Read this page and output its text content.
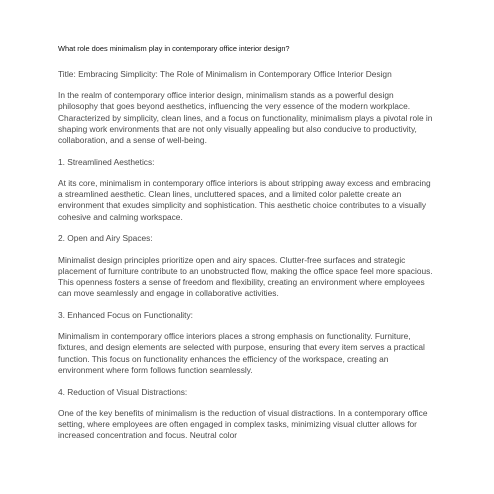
What role does minimalism play in contemporary office interior design?

Title: Embracing Simplicity: The Role of Minimalism in Contemporary Office Interior Design

In the realm of contemporary office interior design, minimalism stands as a powerful design philosophy that goes beyond aesthetics, influencing the very essence of the modern workplace. Characterized by simplicity, clean lines, and a focus on functionality, minimalism plays a pivotal role in shaping work environments that are not only visually appealing but also conducive to productivity, collaboration, and a sense of well-being.

1. Streamlined Aesthetics:

At its core, minimalism in contemporary office interiors is about stripping away excess and embracing a streamlined aesthetic. Clean lines, uncluttered spaces, and a limited color palette create an environment that exudes simplicity and sophistication. This aesthetic choice contributes to a visually cohesive and calming workspace.

2. Open and Airy Spaces:

Minimalist design principles prioritize open and airy spaces. Clutter-free surfaces and strategic placement of furniture contribute to an unobstructed flow, making the office space feel more spacious. This openness fosters a sense of freedom and flexibility, creating an environment where employees can move seamlessly and engage in collaborative activities.

3. Enhanced Focus on Functionality:

Minimalism in contemporary office interiors places a strong emphasis on functionality. Furniture, fixtures, and design elements are selected with purpose, ensuring that every item serves a practical function. This focus on functionality enhances the efficiency of the workspace, creating an environment where form follows function seamlessly.

4. Reduction of Visual Distractions:

One of the key benefits of minimalism is the reduction of visual distractions. In a contemporary office setting, where employees are often engaged in complex tasks, minimizing visual clutter allows for increased concentration and focus. Neutral color
